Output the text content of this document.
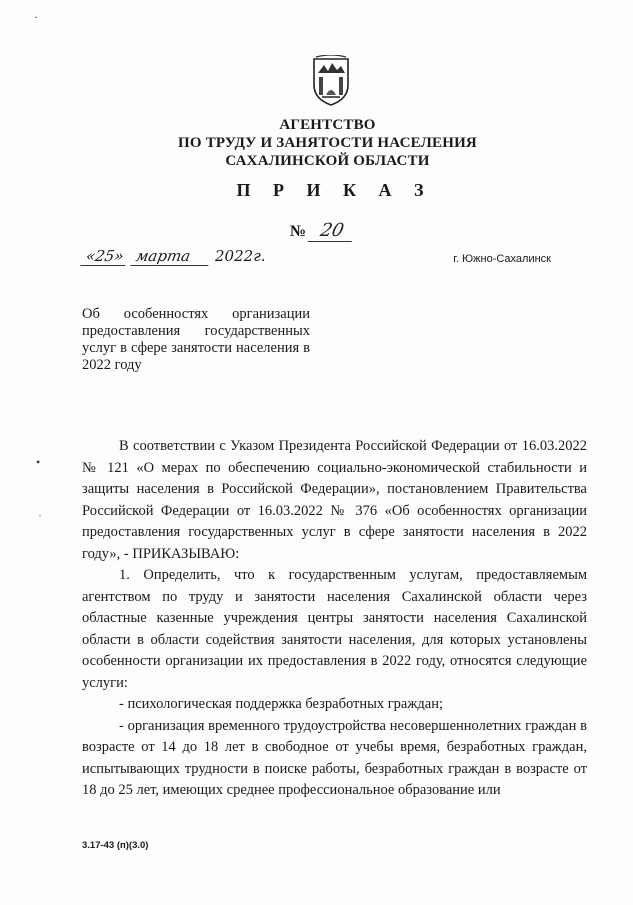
АГЕНТСТВО
ПО ТРУДУ И ЗАНЯТОСТИ НАСЕЛЕНИЯ
САХАЛИНСКОЙ ОБЛАСТИ
П Р И К А З
№ 20
«25» марта 2022г.	г. Южно-Сахалинск
Об особенностях организации предоставления государственных услуг в сфере занятости населения в 2022 году

В соответствии с Указом Президента Российской Федерации от 16.03.2022 № 121 «О мерах по обеспечению социально-экономической стабильности и защиты населения в Российской Федерации», постановлением Правительства Российской Федерации от 16.03.2022 № 376 «Об особенностях организации предоставления государственных услуг в сфере занятости населения в 2022 году», - ПРИКАЗЫВАЮ:

1. Определить, что к государственным услугам, предоставляемым агентством по труду и занятости населения Сахалинской области через областные казенные учреждения центры занятости населения Сахалинской области в области содействия занятости населения, для которых установлены особенности организации их предоставления в 2022 году, относятся следующие услуги:

- психологическая поддержка безработных граждан;

- организация временного трудоустройства несовершеннолетних граждан в возрасте от 14 до 18 лет в свободное от учебы время, безработных граждан, испытывающих трудности в поиске работы, безработных граждан в возрасте от 18 до 25 лет, имеющих среднее профессиональное образование или

3.17-43 (п)(3.0)
·
•
ˈ
